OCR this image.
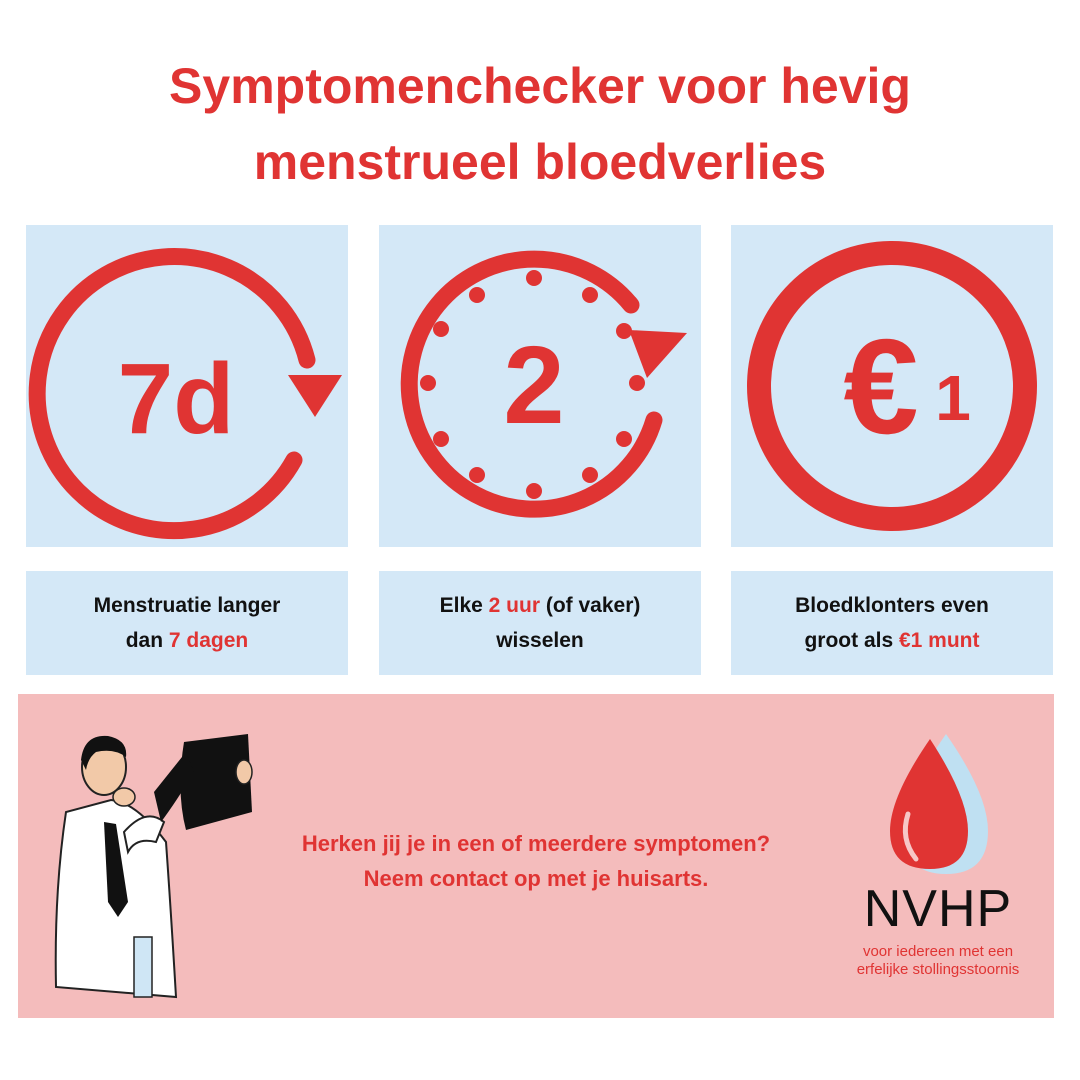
Symptomenchecker voor hevig
menstrueel bloedverlies
7d 2 € 1
Menstruatie langer
dan 7 dagen
Elke 2 uur (of vaker)
wisselen
Bloedklonters even
groot als €1 munt
Herken jij je in een of meerdere symptomen? Neem contact op met je huisarts.
NVHP
voor iedereen met een
erfelijke stollingsstoornis
